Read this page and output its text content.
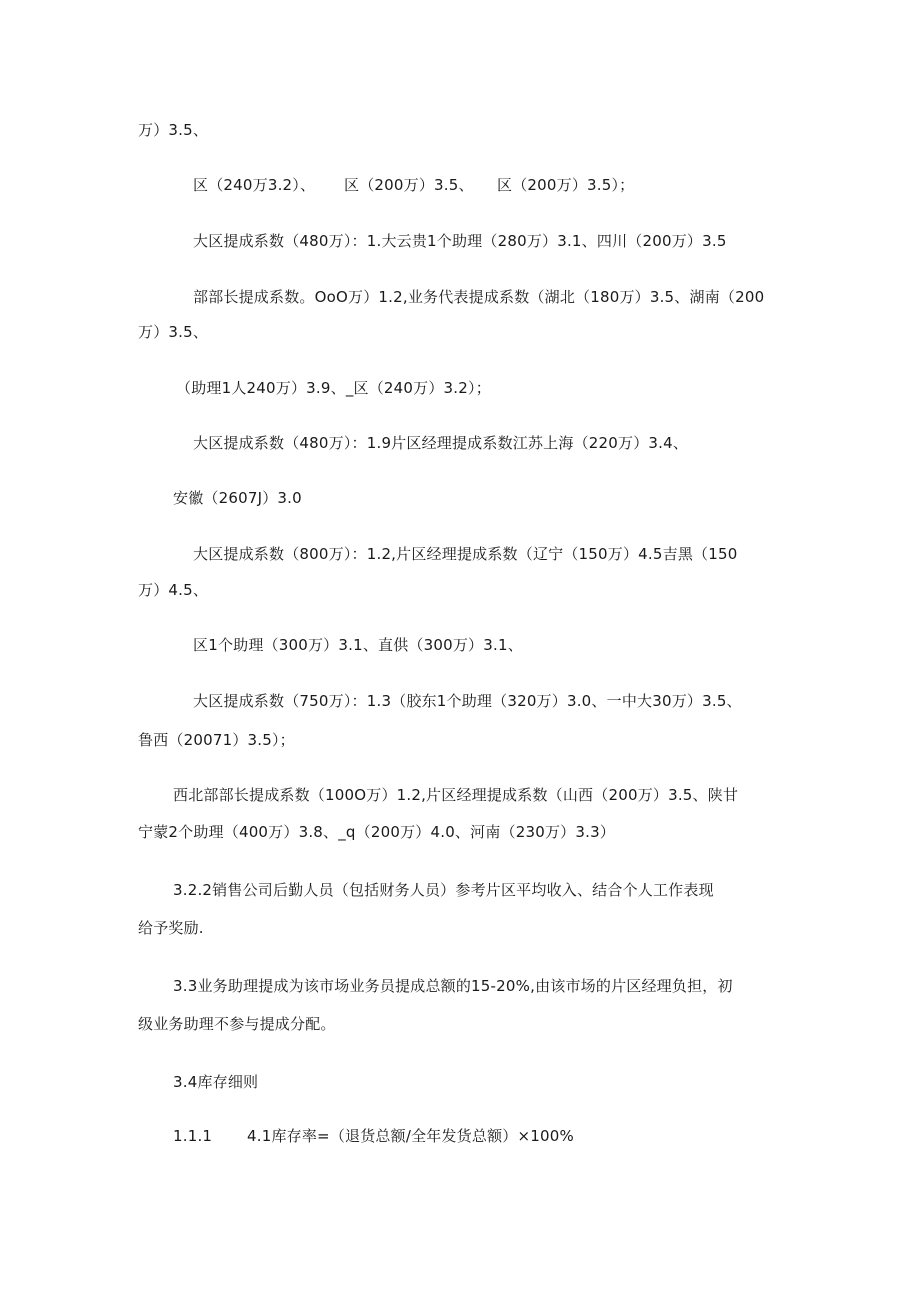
万）3.5、
区（240万3.2）、 区（200万）3.5、 区（200万）3.5）；
大区提成系数（480万）：1.大云贵1个助理（280万）3.1、四川（200万）3.5
部部长提成系数。OoO万）1.2,业务代表提成系数（湖北（180万）3.5、湖南（200
万）3.5、
（助理1人240万）3.9、_区（240万）3.2）；
大区提成系数（480万）：1.9片区经理提成系数江苏上海（220万）3.4、
安徽（2607J）3.0
大区提成系数（800万）：1.2,片区经理提成系数（辽宁（150万）4.5吉黑（150
万）4.5、
区1个助理（300万）3.1、直供（300万）3.1、
大区提成系数（750万）：1.3（胶东1个助理（320万）3.0、一中大30万）3.5、
鲁西（20071）3.5）；
西北部部长提成系数（100O万）1.2,片区经理提成系数（山西（200万）3.5、陕甘
宁蒙2个助理（400万）3.8、_q（200万）4.0、河南（230万）3.3）
3.2.2销售公司后勤人员（包括财务人员）参考片区平均收入、结合个人工作表现
给予奖励.
3.3业务助理提成为该市场业务员提成总额的15-20%,由该市场的片区经理负担，初
级业务助理不参与提成分配。
3.4库存细则
1.1.1 4.1库存率=（退货总额/全年发货总额）×100%
